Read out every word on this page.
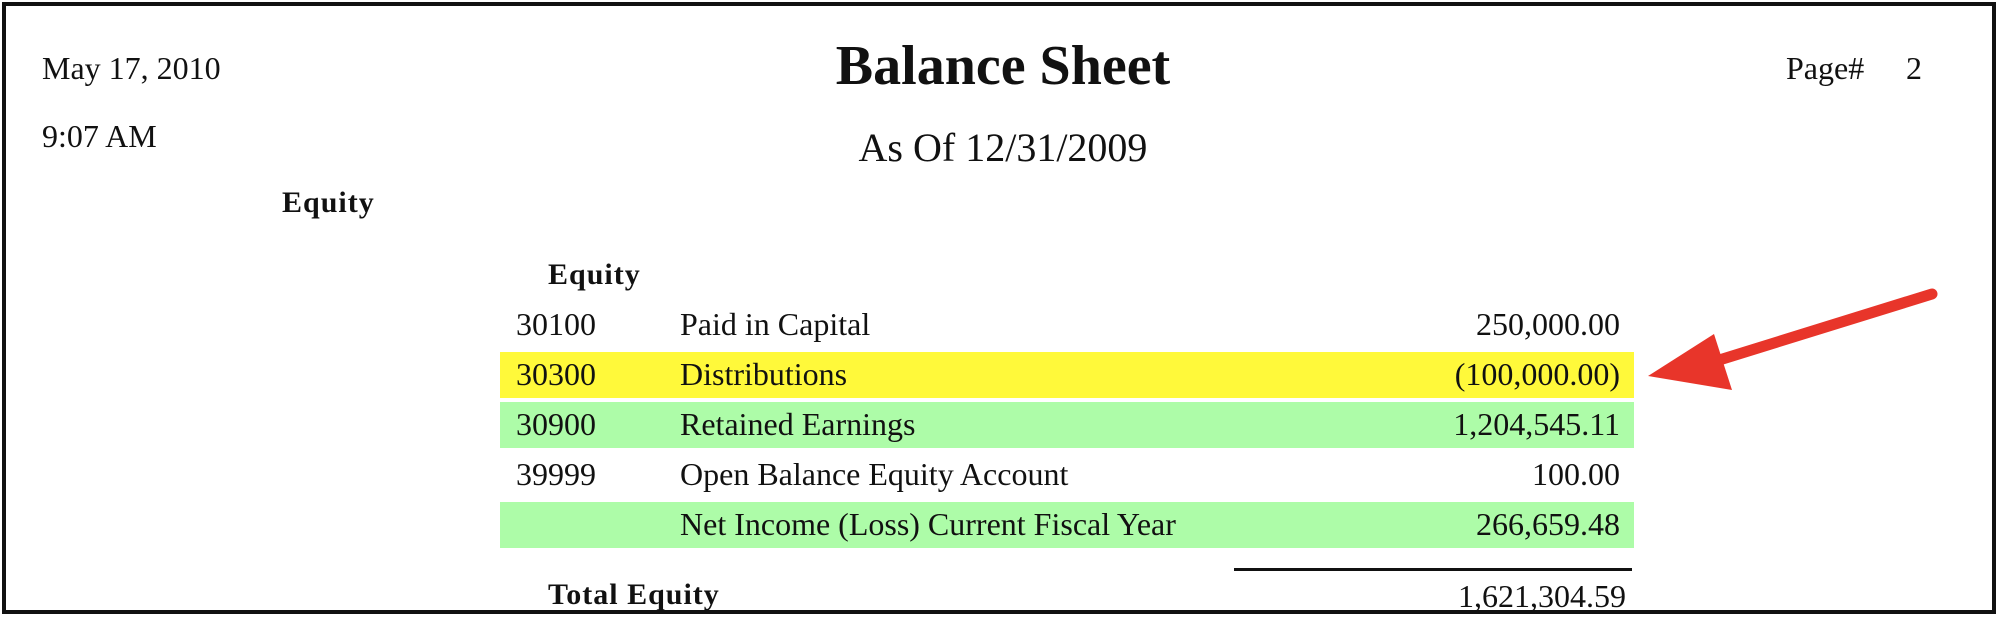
May 17, 2010
9:07 AM
Page# 2
Balance Sheet
As Of 12/31/2009
Equity
Equity
30100	Paid in Capital	250,000.00
30300	Distributions	(100,000.00)
30900	Retained Earnings	1,204,545.11
39999	Open Balance Equity Account	100.00
Net Income (Loss) Current Fiscal Year	266,659.48
Total Equity	1,621,304.59
